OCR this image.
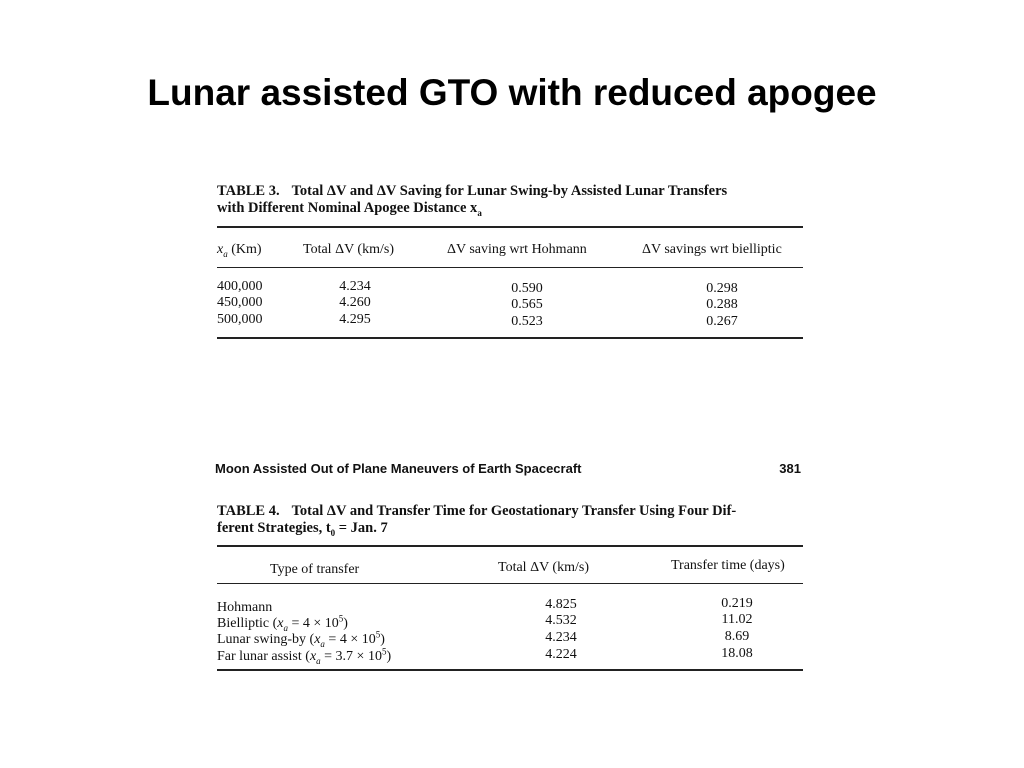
Lunar assisted GTO with reduced apogee
TABLE 3. Total ΔV and ΔV Saving for Lunar Swing-by Assisted Lunar Transfers
with Different Nominal Apogee Distance $x_a$
$x_a$ (Km)	Total ΔV (km/s)	ΔV saving wrt Hohmann	ΔV savings wrt bielliptic
400,000	4.234	0.590	0.298
450,000	4.260	0.565	0.288
500,000	4.295	0.523	0.267
Moon Assisted Out of Plane Maneuvers of Earth Spacecraft	381
TABLE 4. Total ΔV and Transfer Time for Geostationary Transfer Using Four Dif-
ferent Strategies, $t_0$ = Jan. 7
Type of transfer	Total ΔV (km/s)	Transfer time (days)
Hohmann	4.825	0.219
Bielliptic $(x_a = 4 \times 10^5)$	4.532	11.02
Lunar swing-by $(x_a = 4 \times 10^5)$	4.234	8.69
Far lunar assist $(x_a = 3.7 \times 10^5)$	4.224	18.08
